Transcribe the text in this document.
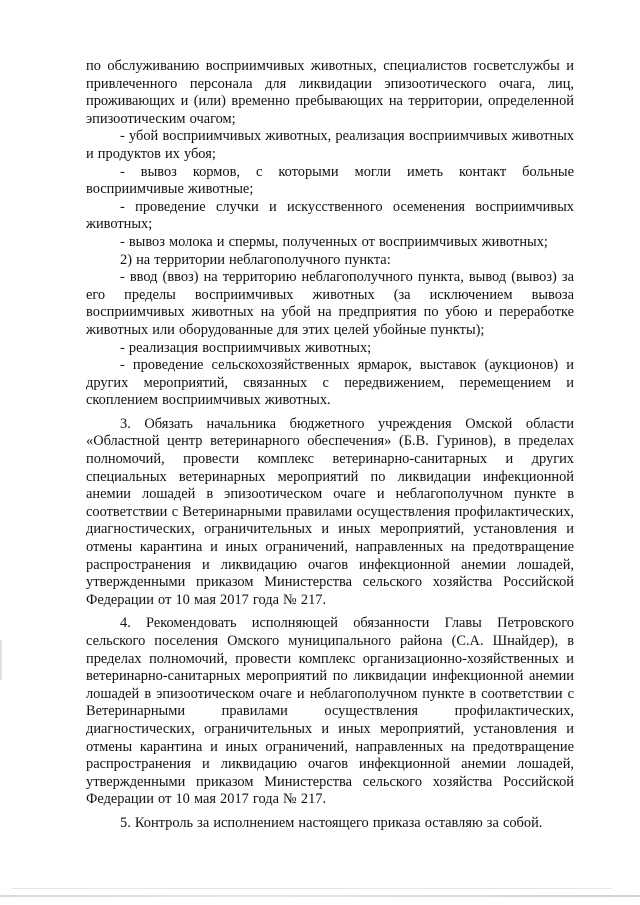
по обслуживанию восприимчивых животных, специалистов госветслужбы и привлеченного персонала для ликвидации эпизоотического очага, лиц, проживающих и (или) временно пребывающих на территории, определенной эпизоотическим очагом;

- убой восприимчивых животных, реализация восприимчивых животных и продуктов их убоя;

- вывоз кормов, с которыми могли иметь контакт больные восприимчивые животные;

- проведение случки и искусственного осеменения восприимчивых животных;

- вывоз молока и спермы, полученных от восприимчивых животных;

2) на территории неблагополучного пункта:

- ввод (ввоз) на территорию неблагополучного пункта, вывод (вывоз) за его пределы восприимчивых животных (за исключением вывоза восприимчивых животных на убой на предприятия по убою и переработке животных или оборудованные для этих целей убойные пункты);

- реализация восприимчивых животных;

- проведение сельскохозяйственных ярмарок, выставок (аукционов) и других мероприятий, связанных с передвижением, перемещением и скоплением восприимчивых животных.

3. Обязать начальника бюджетного учреждения Омской области «Областной центр ветеринарного обеспечения» (Б.В. Гуринов), в пределах полномочий, провести комплекс ветеринарно-санитарных и других специальных ветеринарных мероприятий по ликвидации инфекционной анемии лошадей в эпизоотическом очаге и неблагополучном пункте в соответствии с Ветеринарными правилами осуществления профилактических, диагностических, ограничительных и иных мероприятий, установления и отмены карантина и иных ограничений, направленных на предотвращение распространения и ликвидацию очагов инфекционной анемии лошадей, утвержденными приказом Министерства сельского хозяйства Российской Федерации от 10 мая 2017 года № 217.

4. Рекомендовать исполняющей обязанности Главы Петровского сельского поселения Омского муниципального района (С.А. Шнайдер), в пределах полномочий, провести комплекс организационно-хозяйственных и ветеринарно-санитарных мероприятий по ликвидации инфекционной анемии лошадей в эпизоотическом очаге и неблагополучном пункте в соответствии с Ветеринарными правилами осуществления профилактических, диагностических, ограничительных и иных мероприятий, установления и отмены карантина и иных ограничений, направленных на предотвращение распространения и ликвидацию очагов инфекционной анемии лошадей, утвержденными приказом Министерства сельского хозяйства Российской Федерации от 10 мая 2017 года № 217.

5. Контроль за исполнением настоящего приказа оставляю за собой.
